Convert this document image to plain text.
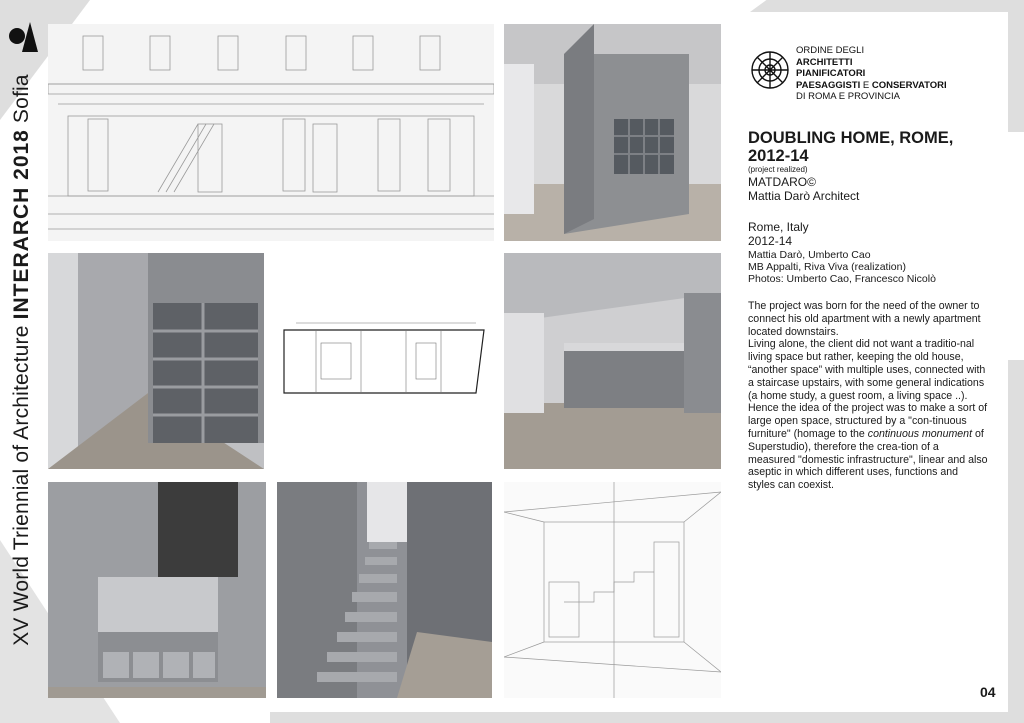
XV World Triennial of Architecture INTERARCH 2018 Sofia
ORDINE DEGLI
ARCHITETTI
PIANIFICATORI
PAESAGGISTI E CONSERVATORI
DI ROMA E PROVINCIA
DOUBLING HOME, ROME,
2012-14
(project realized)
MATDARO©
Mattia Darò Architect
Rome, Italy
2012-14
Mattia Darò, Umberto Cao
MB Appalti, Riva Viva (realization)
Photos: Umberto Cao, Francesco Nicolò
The project was born for the need of the owner to connect his old apartment with a newly apartment located downstairs.
Living alone, the client did not want a traditio-nal living space but rather, keeping the old house, “another space” with multiple uses, connected with a staircase upstairs, with some general indications (a home study, a guest room, a living space ..).
Hence the idea of the project was to make a sort of large open space, structured by a "con-tinuous furniture" (homage to the continuous monument of Superstudio), therefore the crea-tion of a measured "domestic infrastructure", linear and also aseptic in which different uses, functions and styles can coexist.
04
